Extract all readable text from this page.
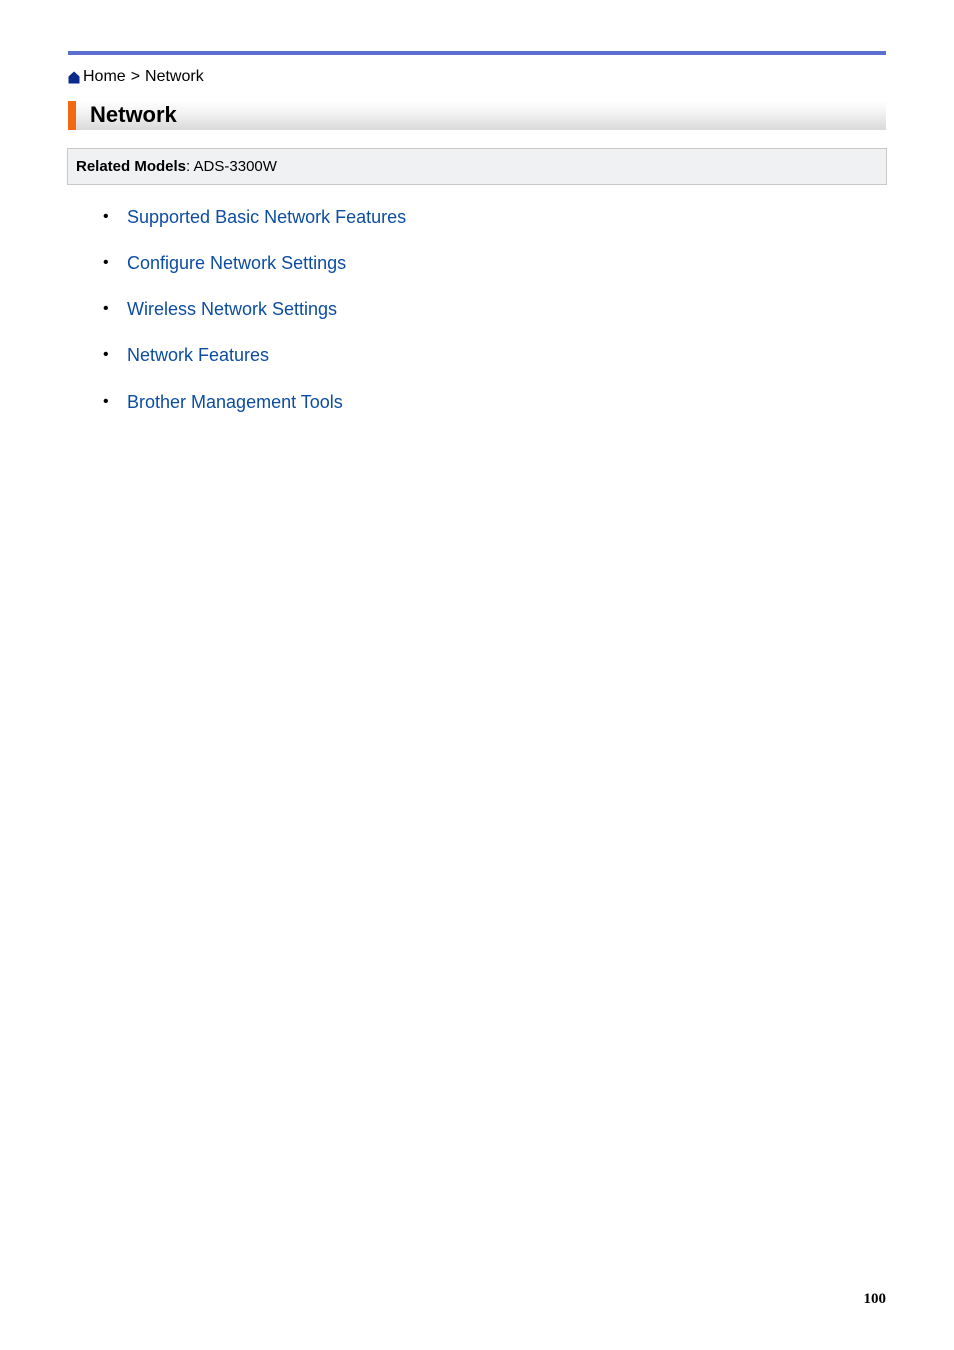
Home > Network
Network
Related Models: ADS-3300W
• Supported Basic Network Features
• Configure Network Settings
• Wireless Network Settings
• Network Features
• Brother Management Tools
100
